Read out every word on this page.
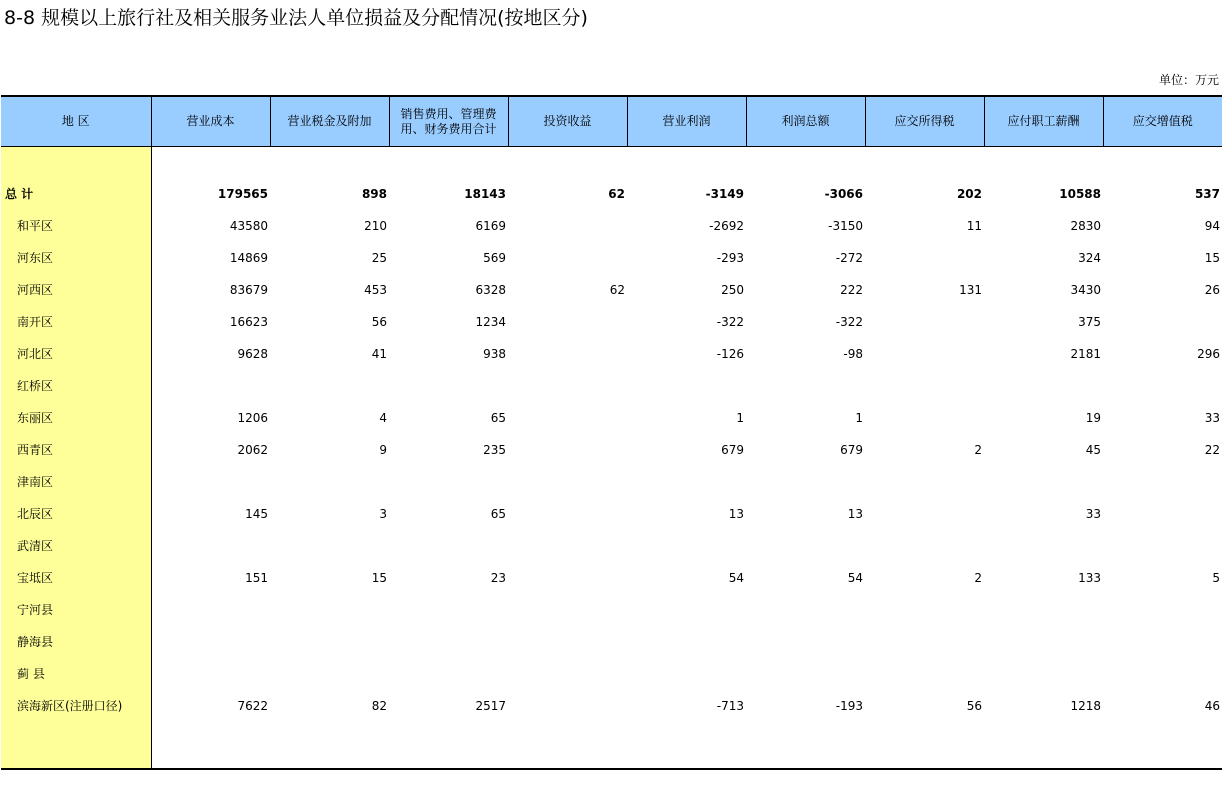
8-8 规模以上旅行社及相关服务业法人单位损益及分配情况(按地区分)
单位：万元
地 区	营业成本	营业税金及附加	销售费用、管理费用、财务费用合计	投资收益	营业利润	利润总额	应交所得税	应付职工薪酬	应交增值税

总 计	179565	898	18143	62	-3149	-3066	202	10588	537
和平区	43580	210	6169		-2692	-3150	11	2830	94
河东区	14869	25	569		-293	-272		324	15
河西区	83679	453	6328	62	250	222	131	3430	26
南开区	16623	56	1234		-322	-322		375	
河北区	9628	41	938		-126	-98		2181	296
红桥区									
东丽区	1206	4	65		1	1		19	33
西青区	2062	9	235		679	679	2	45	22
津南区									
北辰区	145	3	65		13	13		33	
武清区									
宝坻区	151	15	23		54	54	2	133	5
宁河县									
静海县									
蓟 县									
滨海新区(注册口径)	7622	82	2517		-713	-193	56	1218	46
